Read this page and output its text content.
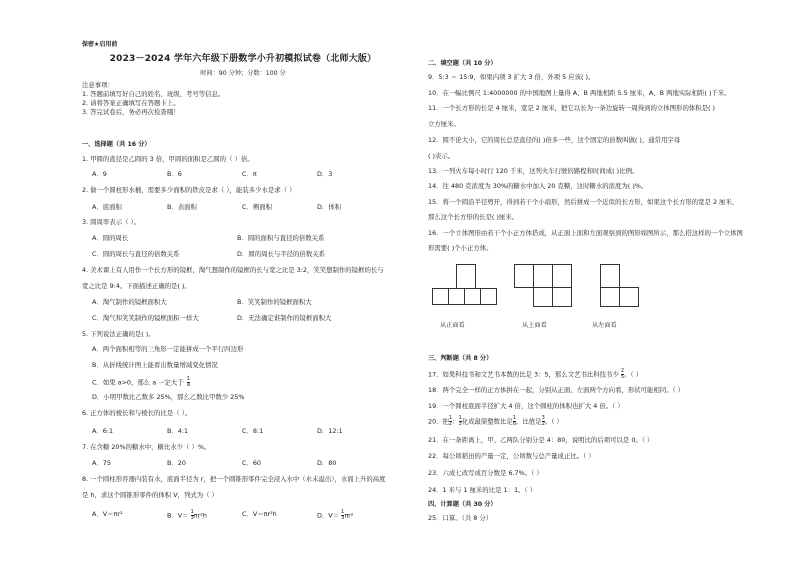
保密★启用前
2023－2024 学年六年级下册数学小升初模拟试卷（北师大版）
时间：90 分钟；分数：100 分
注意事项：
1. 答题前填写好自己的姓名、班级、考号等信息。
2. 请将答案正确填写在答题卡上。
3. 答完试卷后，务必再次检查哦！
一、选择题（共 16 分）
1. 甲圆的直径是乙圆的 3 倍，甲圆的面积是乙圆的（ ）倍。
A．9	B．6	C．π	D．3
2. 做一个圆柱形水桶，需要多少面积的铁皮是求（ ），能装多少水是求（ ）
A．底面积	B．表面积	C．侧面积	D．体积
3. 圆周率表示（ ）。
A．圆的周长	B．圆的面积与直径的倍数关系
C．圆的周长与直径的倍数关系	D．圆的周长与半径的倍数关系
4. 美术课上有人用作一个长方形的镜框，淘气想制作的镜框的长与宽之比是 3:2，笑笑想制作的镜框的长与
宽之比是 9:4。下面描述正确的是( )。
A．淘气制作的镜框面积大	B．笑笑制作的镜框面积大
C．淘气和笑笑制作的镜框面积一样大	D．无法确定谁制作的镜框面积大
5. 下列说法正确的是( )。
A．两个面积相等的三角形一定能拼成一个平行四边形
B．从折线统计图上能看出数量增减变化情况
C．如果 a>0，那么 a 一定大于 $\frac{1}{a}$
D．小明甲数比乙数多 25%，那么乙数比甲数少 25%
6. 正方体的棱长和与棱长的比是（ ）。
A．6:1	B．4:1	C．8:1	D．12:1
7. 在含糖 20%的糖水中，糖比水少（ ）%。
A．75	B．20	C．60	D．80
8. 一个圆柱形容器内装有水，底面半径为 r，把一个圆锥形零件完全浸入水中（水未溢出），水面上升的高度
是 h，求这个圆锥形零件的体积 V，列式为（ ）
A．V＝πr²	B．$V= \frac{1}{3} \pi r^2h$	C．V＝πr²h	D．$V= \frac{1}{3} \pi r^2$
二、填空题（共 10 分）
9．5:3 ＝ 15:9，如果内项 3 扩大 3 倍，外项 5 应该( )。
10．在一幅比例尺 1:4000000 的中国地图上量得 A、B 两地相距 5.5 厘米，A、B 两地实际相距( )千米。
11．一个长方形的长是 4 厘米，宽是 2 厘米，把它以长为一条边旋转一周得到的立体图形的体积是( )
立方厘米。
12．圆不论大小，它的周长总是直径的( )倍多一些，这个固定的倍数叫做( )，通常用字母
( )表示。
13．一列火车每小时行 120 千米，这列火车行驶的路程和时间成( )比例。
14．往 480 克浓度为 30%的糖水中加入 20 克糖，这时糖水的浓度为( )%。
15．将一个圆沿半径剪开，得到若干个小扇形，然后拼成一个近似的长方形，如果这个长方形的宽是 2 厘米，
那么这个长方形的长是( )厘米。
16．一个立体图形由若干个小正方体搭成，从正面上面和左面观察到的图形如图所示，那么搭这样的一个立体图
形需要( )个小正方体。
从正面看	从上面看	从左面看
三、判断题（共 8 分）
17．如果科技书和文艺书本数的比是 3：5，那么文艺书比科技书少 $\frac{2}{5}$ 。（ ）
18．两个完全一样的正方体拼在一起，分别从正面、左面两个方向看，形状可能相同。（ ）
19．一个圆柱底面半径扩大 4 倍，这个圆柱的体积也扩大 4 倍。（ ）
20．把 $\frac{1}{2}$ ： $\frac{1}{3}$ 化成最简整数比是 $\frac{1}{6}$ ，比值是 $\frac{3}{2}$ 。（ ）
21．在一条距离上，甲、乙两队分别分是 4：80，说明比的后项可以是 0。（ ）
22．每公顷稻田的产量一定，公顷数与总产量成正比。（ ）
23．六成七改写成百分数是 6.7%。（ ）
24．1 米与 1 厘米的比是 1：1。（ ）
四、计算题（共 30 分）
25．口算。（共 8 分）
